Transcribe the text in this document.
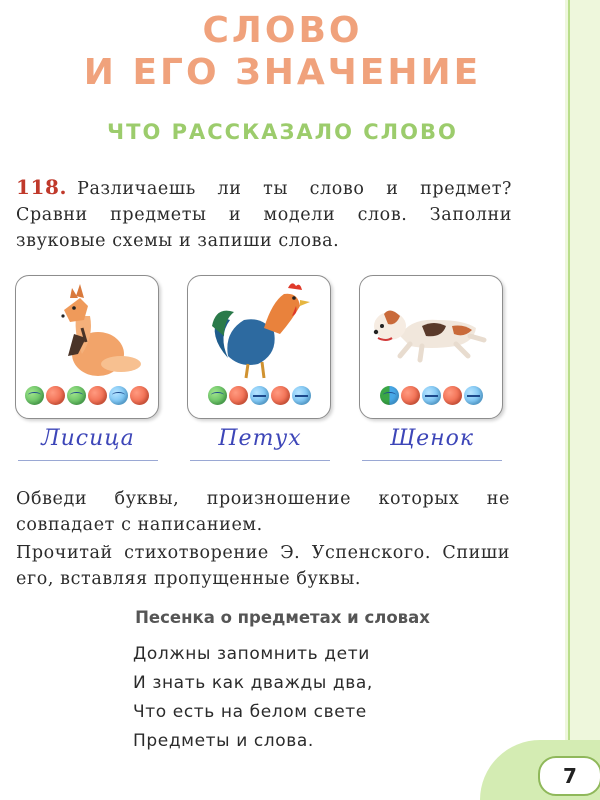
7
СЛОВО
И ЕГО ЗНАЧЕНИЕ
ЧТО РАССКАЗАЛО СЛОВО
118. Различаешь ли ты слово и предмет? Сравни предметы и модели слов. Заполни звуковые схемы и запиши слова.
Лисица	Петух	Щенок
Обведи буквы, произношение которых не совпадает с написанием.
Прочитай стихотворение Э. Успенского. Спиши его, вставляя пропущенные буквы.
Песенка о предметах и словах
Должны запомнить дети
И знать как дважды два,
Что есть на белом свете
Предметы и слова.
